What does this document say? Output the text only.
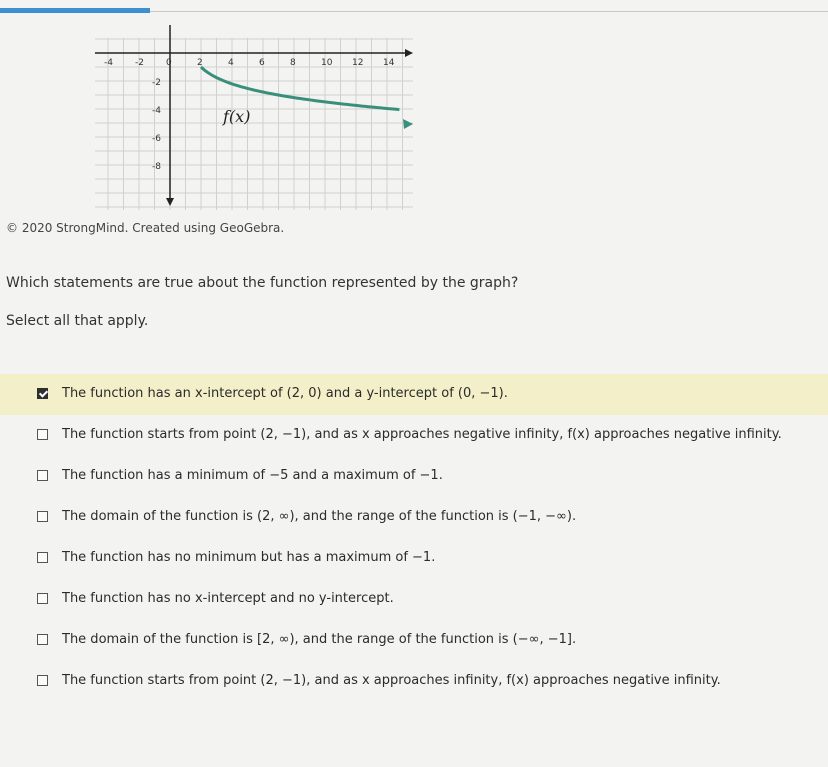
-4 -2 0	2	4	6	8	10 12 14
-2
-4
-6
-8
f(x)
© 2020 StrongMind. Created using GeoGebra.
Which statements are true about the function represented by the graph?
Select all that apply.
The function has an x-intercept of (2, 0) and a y-intercept of (0, −1).
The function starts from point (2, −1), and as x approaches negative infinity, f(x) approaches negative infinity.
The function has a minimum of −5 and a maximum of −1.
The domain of the function is (2, ∞), and the range of the function is (−1, −∞).
The function has no minimum but has a maximum of −1.
The function has no x-intercept and no y-intercept.
The domain of the function is [2, ∞), and the range of the function is (−∞, −1].
The function starts from point (2, −1), and as x approaches infinity, f(x) approaches negative infinity.
